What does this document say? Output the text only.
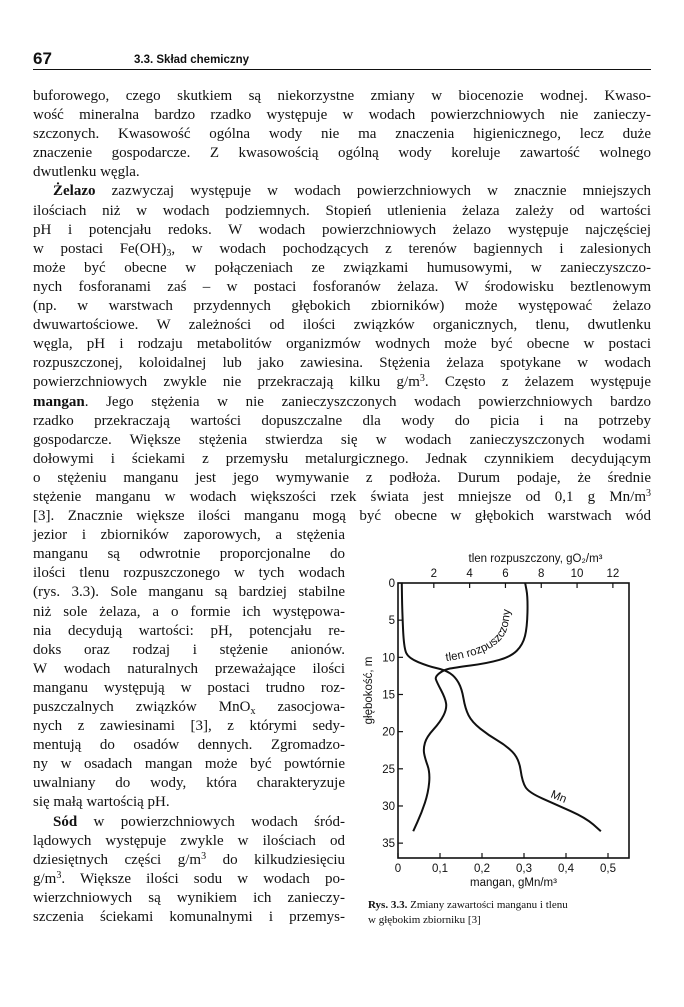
67	3.3. Skład chemiczny
buforowego, czego skutkiem są niekorzystne zmiany w biocenozie wodnej. Kwaso-
wość mineralna bardzo rzadko występuje w wodach powierzchniowych nie zanieczy-
szczonych. Kwasowość ogólna wody nie ma znaczenia higienicznego, lecz duże
znaczenie gospodarcze. Z kwasowością ogólną wody koreluje zawartość wolnego
dwutlenku węgla.
Żelazo zazwyczaj występuje w wodach powierzchniowych w znacznie mniejszych
ilościach niż w wodach podziemnych. Stopień utlenienia żelaza zależy od wartości
pH i potencjału redoks. W wodach powierzchniowych żelazo występuje najczęściej
w postaci $Fe(OH)_3$, w wodach pochodzących z terenów bagiennych i zalesionych
może być obecne w połączeniach ze związkami humusowymi, w zanieczyszczo-
nych fosforanami zaś – w postaci fosforanów żelaza. W środowisku beztlenowym
(np. w warstwach przydennych głębokich zbiorników) może występować żelazo
dwuwartościowe. W zależności od ilości związków organicznych, tlenu, dwutlenku
węgla, pH i rodzaju metabolitów organizmów wodnych może być obecne w postaci
rozpuszczonej, koloidalnej lub jako zawiesina. Stężenia żelaza spotykane w wodach
powierzchniowych zwykle nie przekraczają kilku $g/m^3$. Często z żelazem występuje
mangan. Jego stężenia w nie zanieczyszczonych wodach powierzchniowych bardzo
rzadko przekraczają wartości dopuszczalne dla wody do picia i na potrzeby
gospodarcze. Większe stężenia stwierdza się w wodach zanieczyszczonych wodami
dołowymi i ściekami z przemysłu metalurgicznego. Jednak czynnikiem decydującym
o stężeniu manganu jest jego wymywanie z podłoża. Durum podaje, że średnie
stężenie manganu w wodach większości rzek świata jest mniejsze od 0,1 g $Mn/m^3$
[3]. Znacznie większe ilości manganu mogą być obecne w głębokich warstwach wód
jezior i zbiorników zaporowych, a stężenia
manganu są odwrotnie proporcjonalne do
ilości tlenu rozpuszczonego w tych wodach
(rys. 3.3). Sole manganu są bardziej stabilne
niż sole żelaza, a o formie ich występowa-
nia decydują wartości: pH, potencjału re-
doks oraz rodzaj i stężenie anionów.
W wodach naturalnych przeważające ilości
manganu występują w postaci trudno roz-
puszczalnych związków MnO$_x$ zasocjowa-
nych z zawiesinami [3], z którymi sedy-
mentują do osadów dennych. Zgromadzo-
ny w osadach mangan może być powtórnie
uwalniany do wody, która charakteryzuje
się małą wartością pH.
Sód w powierzchniowych wodach śród-
lądowych występuje zwykle w ilościach od
dziesiętnych części $g/m^3$ do kilkudziesięciu
$g/m^3$. Większe ilości sodu w wodach po-
wierzchniowych są wynikiem ich zanieczy-
szczenia ściekami komunalnymi i przemys-
0
5
10
15
20
25
30
35
2	4	6	8 10 12
0	0,1 0,2 0,3 0,4 0,5
tlen rozpuszczony, gO₂/m³
mangan, gMn/m³
głębokość, m	tlen rozpuszczony
Mn
Rys. 3.3. Zmiany zawartości manganu i tlenu
w głębokim zbiorniku [3]
